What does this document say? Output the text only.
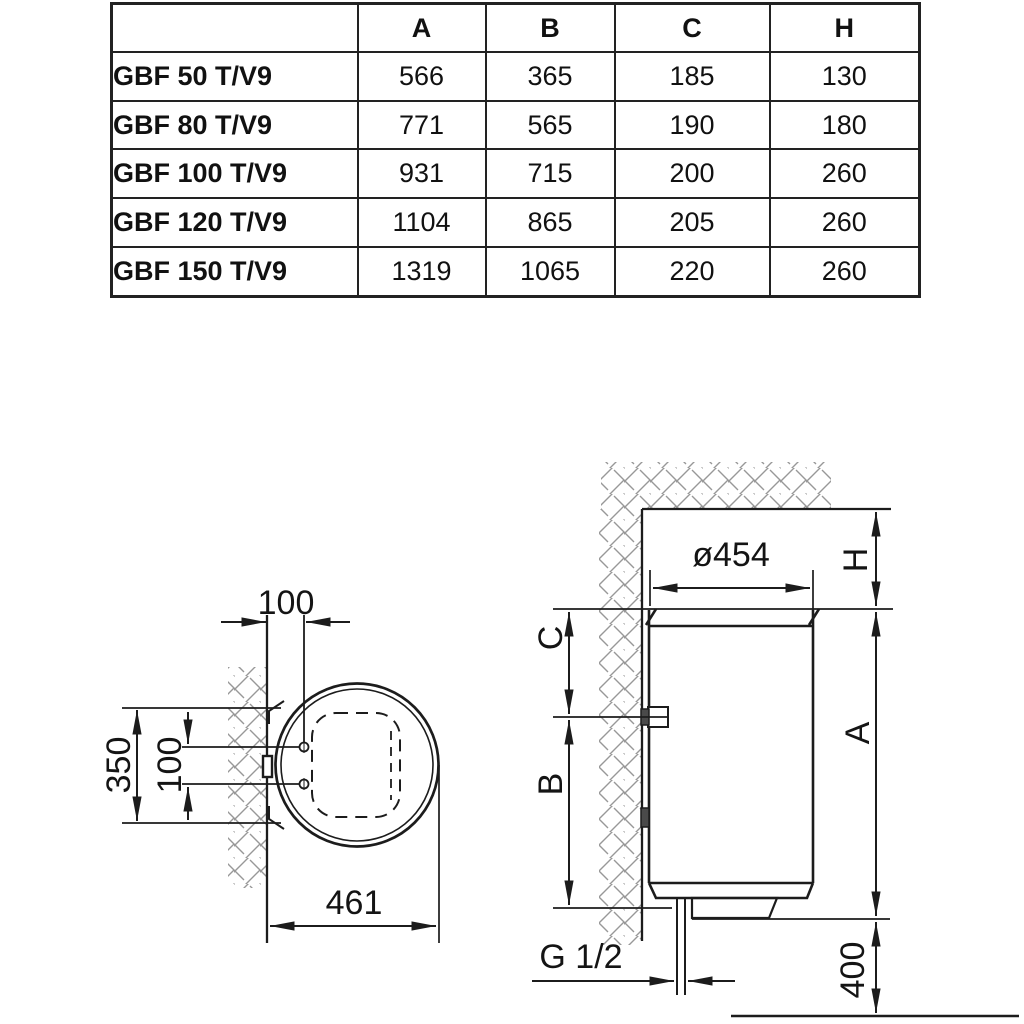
	A	B	C	H
GBF 50 T/V9	566	365	185	130
GBF 80 T/V9	771	565	190	180
GBF 100 T/V9	931	715	200	260
GBF 120 T/V9	1104	865	205	260
GBF 150 T/V9	1319	1065	220	260
100
350 100
461
ø454 H
C
B
A
400
G 1/2
